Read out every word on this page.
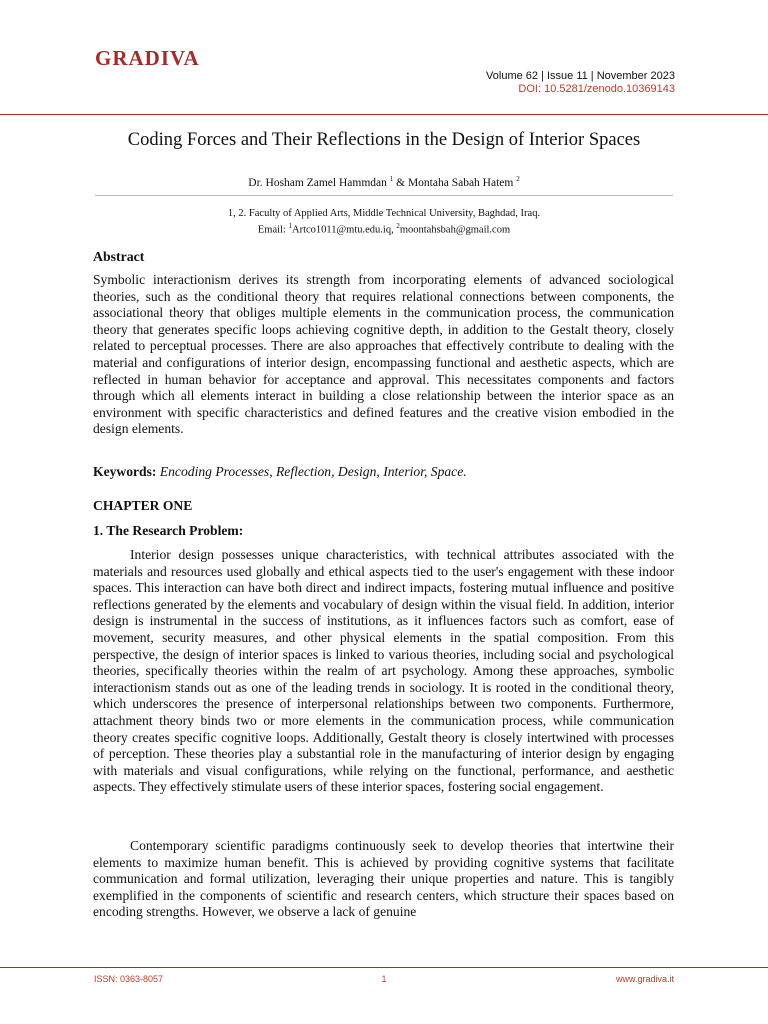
GRADIVA
Volume 62 | Issue 11 | November 2023
DOI: 10.5281/zenodo.10369143
Coding Forces and Their Reflections in the Design of Interior Spaces
Dr. Hosham Zamel Hammdan $^1$ & Montaha Sabah Hatem $^2$
1, 2. Faculty of Applied Arts, Middle Technical University, Baghdad, Iraq.
Email: $^1$Artco1011@mtu.edu.iq, $^2$moontahsbah@gmail.com
Abstract
Symbolic interactionism derives its strength from incorporating elements of advanced sociological theories, such as the conditional theory that requires relational connections between components, the associational theory that obliges multiple elements in the communication process, the communication theory that generates specific loops achieving cognitive depth, in addition to the Gestalt theory, closely related to perceptual processes. There are also approaches that effectively contribute to dealing with the material and configurations of interior design, encompassing functional and aesthetic aspects, which are reflected in human behavior for acceptance and approval. This necessitates components and factors through which all elements interact in building a close relationship between the interior space as an environment with specific characteristics and defined features and the creative vision embodied in the design elements.
Keywords: Encoding Processes, Reflection, Design, Interior, Space.
CHAPTER ONE
1. The Research Problem:
Interior design possesses unique characteristics, with technical attributes associated with the materials and resources used globally and ethical aspects tied to the user's engagement with these indoor spaces. This interaction can have both direct and indirect impacts, fostering mutual influence and positive reflections generated by the elements and vocabulary of design within the visual field. In addition, interior design is instrumental in the success of institutions, as it influences factors such as comfort, ease of movement, security measures, and other physical elements in the spatial composition. From this perspective, the design of interior spaces is linked to various theories, including social and psychological theories, specifically theories within the realm of art psychology. Among these approaches, symbolic interactionism stands out as one of the leading trends in sociology. It is rooted in the conditional theory, which underscores the presence of interpersonal relationships between two components. Furthermore, attachment theory binds two or more elements in the communication process, while communication theory creates specific cognitive loops. Additionally, Gestalt theory is closely intertwined with processes of perception. These theories play a substantial role in the manufacturing of interior design by engaging with materials and visual configurations, while relying on the functional, performance, and aesthetic aspects. They effectively stimulate users of these interior spaces, fostering social engagement.
Contemporary scientific paradigms continuously seek to develop theories that intertwine their elements to maximize human benefit. This is achieved by providing cognitive systems that facilitate communication and formal utilization, leveraging their unique properties and nature. This is tangibly exemplified in the components of scientific and research centers, which structure their spaces based on encoding strengths. However, we observe a lack of genuine
ISSN: 0363-8057	1	www.gradiva.it
